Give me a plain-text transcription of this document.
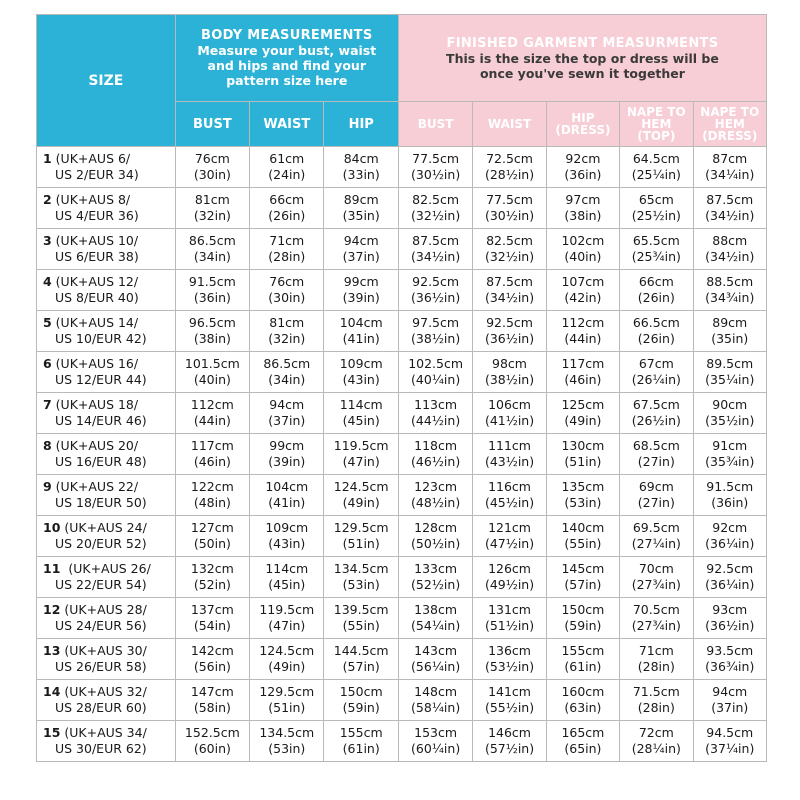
SIZE	BODY MEASUREMENTS
Measure your bust, waist and hips and find your pattern size here			FINISHED GARMENT MEASURMENTS
This is the size the top or dress will be once you've sewn it together				

	BUST	WAIST	HIP	BUST	WAIST	HIP (DRESS)	NAPE TO HEM (TOP)	NAPE TO HEM (DRESS)
1 (UK+AUS 6/
US 2/EUR 34)	76cm
(30in)	61cm
(24in)	84cm
(33in)	77.5cm
(30½in)	72.5cm
(28½in)	92cm
(36in)	64.5cm
(25¼in)	87cm
(34¼in)

2 (UK+AUS 8/
US 4/EUR 36)	81cm
(32in)	66cm
(26in)	89cm
(35in)	82.5cm
(32½in)	77.5cm
(30½in)	97cm
(38in)	65cm
(25½in)	87.5cm
(34½in)

3 (UK+AUS 10/
US 6/EUR 38)	86.5cm
(34in)	71cm
(28in)	94cm
(37in)	87.5cm
(34½in)	82.5cm
(32½in)	102cm
(40in)	65.5cm
(25¾in)	88cm
(34½in)

4 (UK+AUS 12/
US 8/EUR 40)	91.5cm
(36in)	76cm
(30in)	99cm
(39in)	92.5cm
(36½in)	87.5cm
(34½in)	107cm
(42in)	66cm
(26in)	88.5cm
(34¾in)

5 (UK+AUS 14/
US 10/EUR 42)	96.5cm
(38in)	81cm
(32in)	104cm
(41in)	97.5cm
(38½in)	92.5cm
(36½in)	112cm
(44in)	66.5cm
(26in)	89cm
(35in)

6 (UK+AUS 16/
US 12/EUR 44)	101.5cm
(40in)	86.5cm
(34in)	109cm
(43in)	102.5cm
(40¼in)	98cm
(38½in)	117cm
(46in)	67cm
(26¼in)	89.5cm
(35¼in)

7 (UK+AUS 18/
US 14/EUR 46)	112cm
(44in)	94cm
(37in)	114cm
(45in)	113cm
(44½in)	106cm
(41½in)	125cm
(49in)	67.5cm
(26½in)	90cm
(35½in)

8 (UK+AUS 20/
US 16/EUR 48)	117cm
(46in)	99cm
(39in)	119.5cm
(47in)	118cm
(46½in)	111cm
(43½in)	130cm
(51in)	68.5cm
(27in)	91cm
(35¾in)

9 (UK+AUS 22/
US 18/EUR 50)	122cm
(48in)	104cm
(41in)	124.5cm
(49in)	123cm
(48½in)	116cm
(45½in)	135cm
(53in)	69cm
(27in)	91.5cm
(36in)

10 (UK+AUS 24/
US 20/EUR 52)	127cm
(50in)	109cm
(43in)	129.5cm
(51in)	128cm
(50½in)	121cm
(47½in)	140cm
(55in)	69.5cm
(27¼in)	92cm
(36¼in)

11  (UK+AUS 26/
US 22/EUR 54)	132cm
(52in)	114cm
(45in)	134.5cm
(53in)	133cm
(52½in)	126cm
(49½in)	145cm
(57in)	70cm
(27¾in)	92.5cm
(36¼in)

12 (UK+AUS 28/
US 24/EUR 56)	137cm
(54in)	119.5cm
(47in)	139.5cm
(55in)	138cm
(54¼in)	131cm
(51½in)	150cm
(59in)	70.5cm
(27¾in)	93cm
(36½in)

13 (UK+AUS 30/
US 26/EUR 58)	142cm
(56in)	124.5cm
(49in)	144.5cm
(57in)	143cm
(56¼in)	136cm
(53½in)	155cm
(61in)	71cm
(28in)	93.5cm
(36¾in)

14 (UK+AUS 32/
US 28/EUR 60)	147cm
(58in)	129.5cm
(51in)	150cm
(59in)	148cm
(58¼in)	141cm
(55½in)	160cm
(63in)	71.5cm
(28in)	94cm
(37in)

15 (UK+AUS 34/
US 30/EUR 62)	152.5cm
(60in)	134.5cm
(53in)	155cm
(61in)	153cm
(60¼in)	146cm
(57½in)	165cm
(65in)	72cm
(28¼in)	94.5cm
(37¼in)
